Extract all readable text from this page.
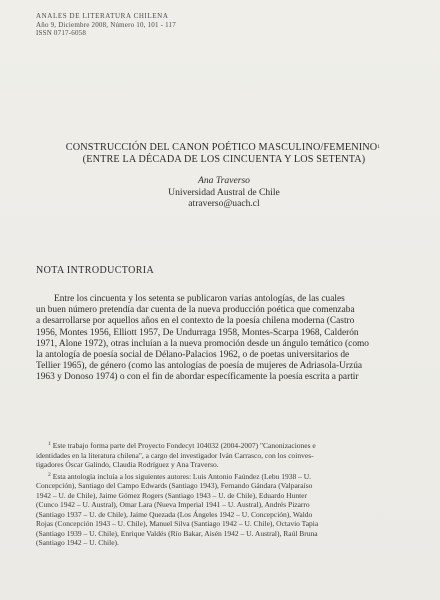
ANALES DE LITERATURA CHILENA
Año 9, Diciembre 2008, Número 10, 101 - 117
ISSN 0717-6058
CONSTRUCCIÓN DEL CANON POÉTICO MASCULINO/FEMENINO$^1$
(ENTRE LA DÉCADA DE LOS CINCUENTA Y LOS SETENTA)
Ana Traverso
Universidad Austral de Chile
atraverso@uach.cl
NOTA INTRODUCTORIA
Entre los cincuenta y los setenta se publicaron varias antologías, de las cuales
un buen número pretendía dar cuenta de la nueva producción poética que comenzaba
a desarrollarse por aquellos años en el contexto de la poesía chilena moderna (Castro
1956, Montes 1956, Elliott 1957, De Undurraga 1958, Montes-Scarpa 1968, Calderón
1971, Alone 1972), otras incluían a la nueva promoción desde un ángulo temático (como
la antología de poesía social de Délano-Palacios 1962, o de poetas universitarios de
Tellier 1965), de género (como las antologías de poesía de mujeres de Adriasola-Urzúa
1963 y Donoso 1974) o con el fin de abordar específicamente la poesía escrita a partir
$^1$ Este trabajo forma parte del Proyecto Fondecyt 104032 (2004-2007) "Canonizaciones e
identidades en la literatura chilena", a cargo del investigador Iván Carrasco, con los coinves-
tigadores Óscar Galindo, Claudia Rodríguez y Ana Traverso.
$^2$ Esta antología incluía a los siguientes autores: Luis Antonio Faúndez (Lebu 1938 – U.
Concepción), Santiago del Campo Edwards (Santiago 1943), Fernando Gándara (Valparaíso
1942 – U. de Chile), Jaime Gómez Rogers (Santiago 1943 – U. de Chile), Eduardo Hunter
(Cunco 1942 – U. Austral), Omar Lara (Nueva Imperial 1941 – U. Austral), Andrés Pizarro
(Santiago 1937 – U. de Chile), Jaime Quezada (Los Ángeles 1942 – U. Concepción), Waldo
Rojas (Concepción 1943 – U. Chile), Manuel Silva (Santiago 1942 – U. Chile), Octavio Tapia
(Santiago 1939 – U. Chile), Enrique Valdés (Río Bakar, Aisén 1942 – U. Austral), Raúl Bruna
(Santiago 1942 – U. Chile).
